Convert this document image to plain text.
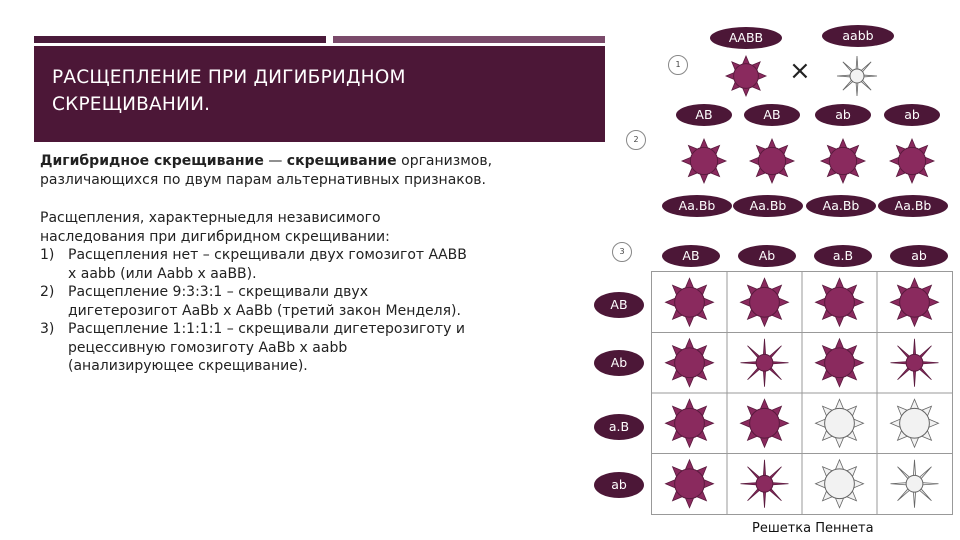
РАСЩЕПЛЕНИЕ ПРИ ДИГИБРИДНОМ
СКРЕЩИВАНИИ.
Дигибридное скрещивание — скрещивание организмов,
различающихся по двум парам альтернативных признаков.
Расщепления, характерныедля независимого
наследования при дигибридном скрещивании:
1) Расщепления нет – скрещивали двух гомозигот ААВВ
х aabb (или Aabb x aaBB).
2) Расщепление 9:3:3:1 – скрещивали двух
дигетерозигот AaBb x AaBb (третий закон Менделя).
3) Расщепление 1:1:1:1 – скрещивали дигетерозиготу и
рецессивную гомозиготу AaBb x aabb
(анализирующее скрещивание).
ААВВ	aabb
1
2
3
×
AB	AB	ab	ab
Aa.Bb	Aa.Bb	Aa.Bb	Aa.Bb
AB	Ab	a.B	ab
AB
Ab
a.B
ab
Решетка Пеннета
